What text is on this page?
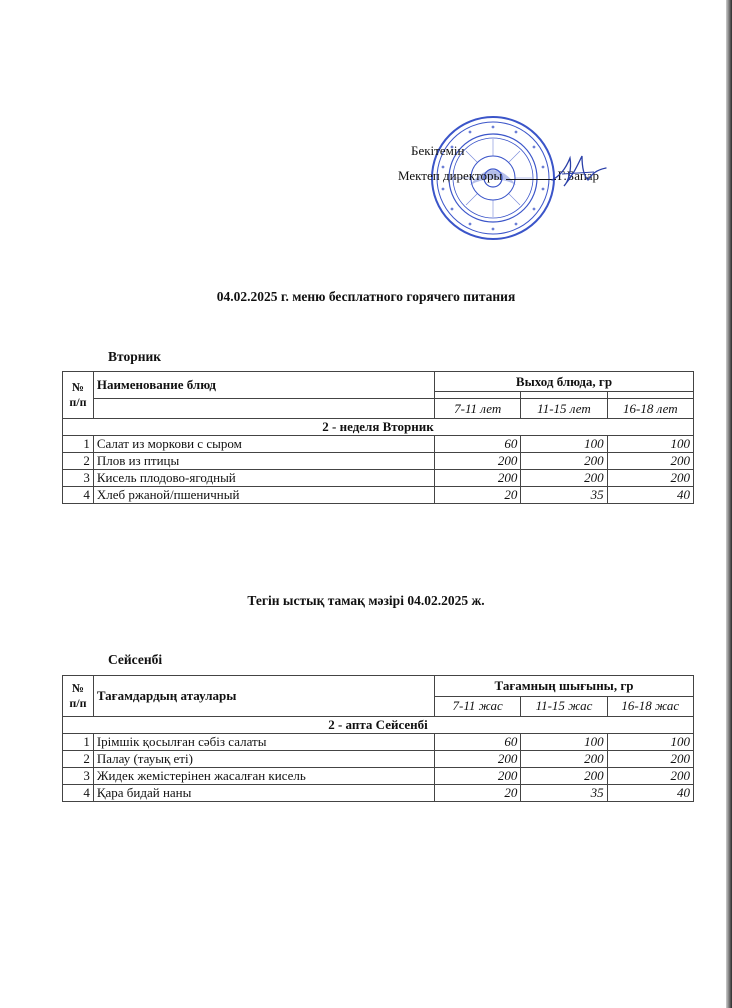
Бекітемін
Мектеп директоры	Г.Бапар
04.02.2025 г. меню бесплатного горячего питания
Вторник
№ п/п	Наименование блюд	Выход блюда, гр		

		7-11 лет	11-15 лет	16-18 лет
2 - неделя Вторник				
1	Салат из моркови с сыром	60	100	100
2	Плов из птицы	200	200	200
3	Кисель плодово-ягодный	200	200	200
4	Хлеб ржаной/пшеничный	20	35	40
Тегін ыстық тамақ мәзірі 04.02.2025 ж.
Сейсенбі
№ п/п	Тағамдардың атаулары	Тағамның шығыны, гр		
		7-11 жас	11-15 жас	16-18 жас
2 - апта Сейсенбі				
1	Ірімшік қосылған сәбіз салаты	60	100	100
2	Палау (тауық еті)	200	200	200
3	Жидек жемістерінен жасалған кисель	200	200	200
4	Қара бидай наны	20	35	40
